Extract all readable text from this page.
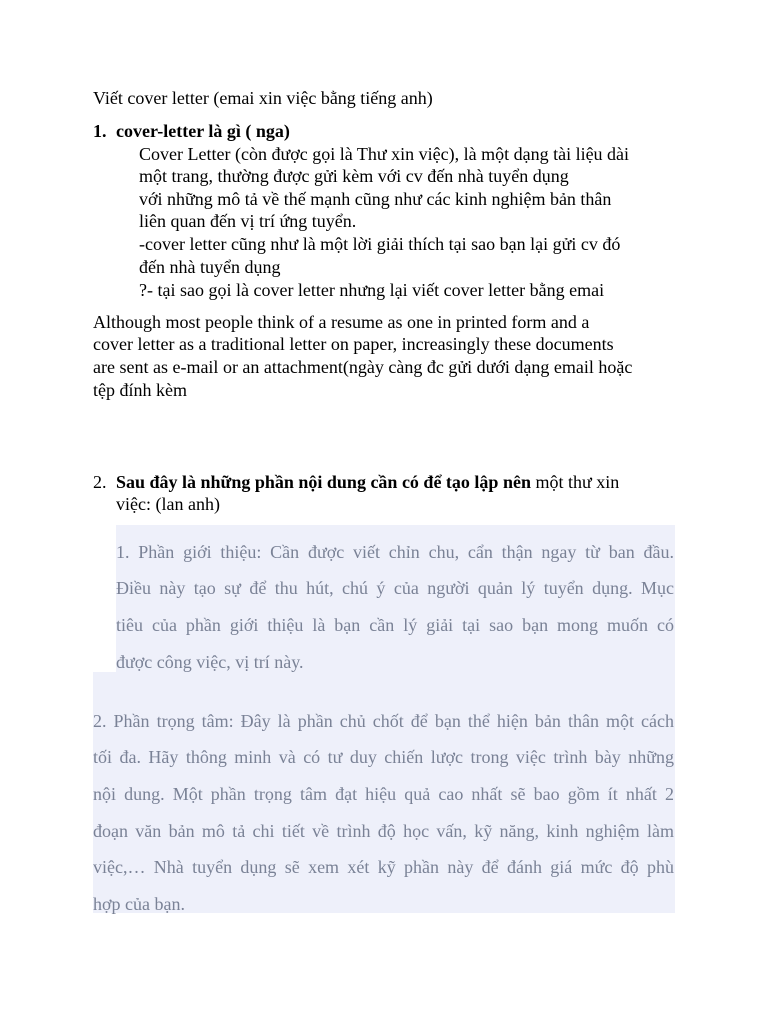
Viết cover letter (emai xin việc bằng tiếng anh)
1. cover-letter là gì ( nga)
Cover Letter (còn được gọi là Thư xin việc), là một dạng tài liệu dài
một trang, thường được gửi kèm với cv đến nhà tuyển dụng
với những mô tả về thế mạnh cũng như các kinh nghiệm bản thân
liên quan đến vị trí ứng tuyển.
-cover letter cũng như là một lời giải thích tại sao bạn lại gửi cv đó
đến nhà tuyển dụng
?- tại sao gọi là cover letter nhưng lại viết cover letter bằng emai
Although most people think of a resume as one in printed form and a
cover letter as a traditional letter on paper, increasingly these documents
are sent as e-mail or an attachment(ngày càng đc gửi dưới dạng email hoặc
tệp đính kèm
2. Sau đây là những phần nội dung cần có để tạo lập nên một thư xin
việc: (lan anh)
1. Phần giới thiệu: Cần được viết chỉn chu, cẩn thận ngay từ ban đầu.
Điều này tạo sự để thu hút, chú ý của người quản lý tuyển dụng. Mục
tiêu của phần giới thiệu là bạn cần lý giải tại sao bạn mong muốn có
được công việc, vị trí này.
2. Phần trọng tâm: Đây là phần chủ chốt để bạn thể hiện bản thân một cách
tối đa. Hãy thông minh và có tư duy chiến lược trong việc trình bày những
nội dung. Một phần trọng tâm đạt hiệu quả cao nhất sẽ bao gồm ít nhất 2
đoạn văn bản mô tả chi tiết về trình độ học vấn, kỹ năng, kinh nghiệm làm
việc,… Nhà tuyển dụng sẽ xem xét kỹ phần này để đánh giá mức độ phù
hợp của bạn.
